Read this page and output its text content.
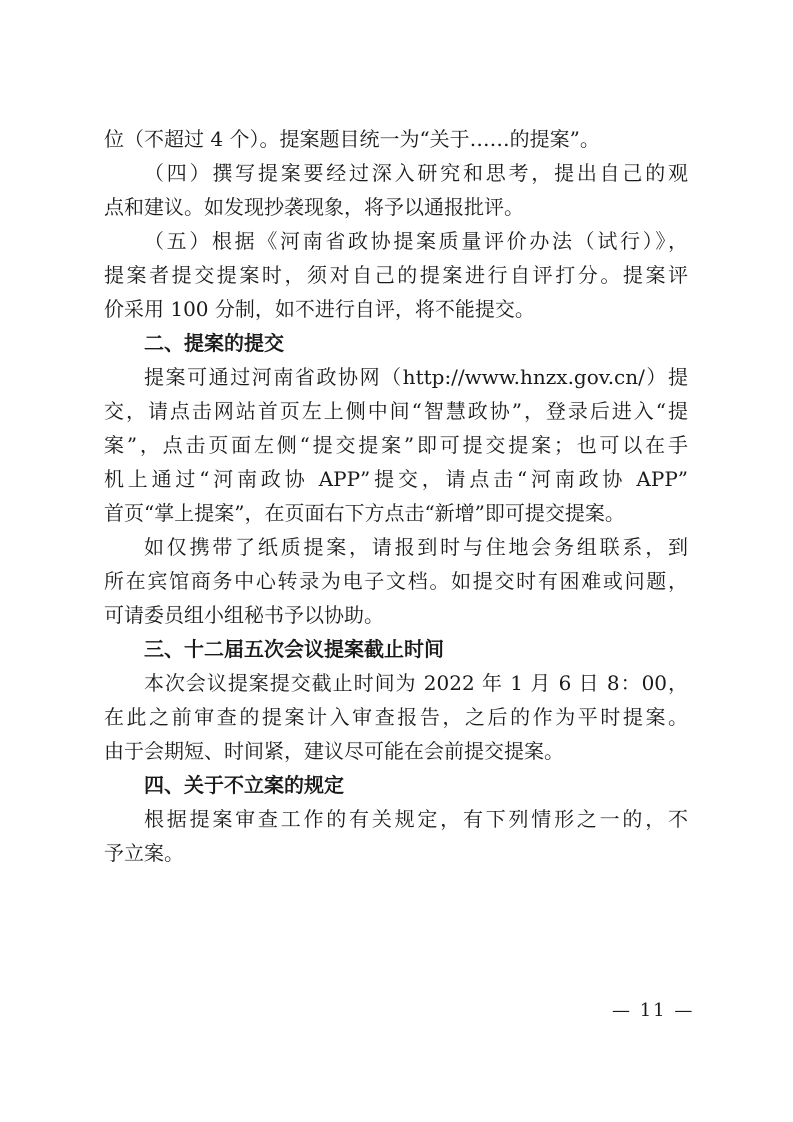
位（不超过 4 个）。提案题目统一为“关于……的提案”。
（四）撰写提案要经过深入研究和思考，提出自己的观
点和建议。如发现抄袭现象，将予以通报批评。
（五）根据《河南省政协提案质量评价办法（试行）》，
提案者提交提案时，须对自己的提案进行自评打分。提案评
价采用 100 分制，如不进行自评，将不能提交。
二、提案的提交
提案可通过河南省政协网（http://www.hnzx.gov.cn/）提
交，请点击网站首页左上侧中间“智慧政协”，登录后进入“提
案”，点击页面左侧“提交提案”即可提交提案；也可以在手
机上通过“河南政协 APP”提交，请点击“河南政协 APP”
首页“掌上提案”，在页面右下方点击“新增”即可提交提案。
如仅携带了纸质提案，请报到时与住地会务组联系，到
所在宾馆商务中心转录为电子文档。如提交时有困难或问题，
可请委员组小组秘书予以协助。
三、十二届五次会议提案截止时间
本次会议提案提交截止时间为 2022 年 1 月 6 日 8：00，
在此之前审查的提案计入审查报告，之后的作为平时提案。
由于会期短、时间紧，建议尽可能在会前提交提案。
四、关于不立案的规定
根据提案审查工作的有关规定，有下列情形之一的，不
予立案。
— 11 —
